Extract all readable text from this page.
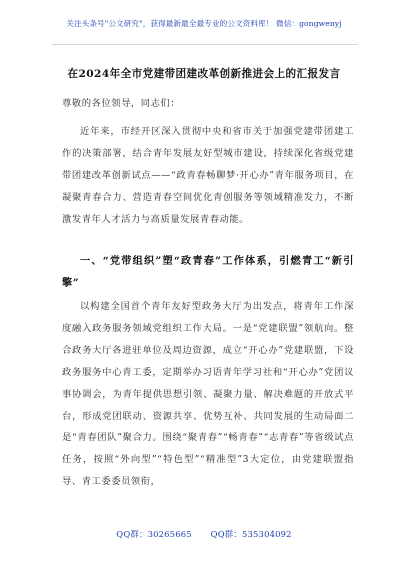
关注头条号"公文研究"，获得最新最全最专业的公文资料库！ 微信：gongwenyj
在2024年全市党建带团建改革创新推进会上的汇报发言
尊敬的各位领导，同志们：
近年来，市经开区深入贯彻中央和省市关于加强党建带团建工作的决策部署，结合青年发展友好型城市建设，持续深化省级党建带团建改革创新试点——“政青春畅聊梦·开心办”青年服务项目，在凝聚青春合力、营造青春空间优化青创服务等领域精准发力，不断激发青年人才活力与高质量发展青春动能。
一、“党带组织”塑“政青春”工作体系，引燃青工“新引擎”
以构建全国首个青年友好型政务大厅为出发点，将青年工作深度融入政务服务领域党组织工作大局。一是“党建联盟”领航向。整合政务大厅各进驻单位及周边资源，成立“开心办”党建联盟，下设政务服务中心青工委，定期举办习语青年学习社和“开心办”党团议事协调会，为青年提供思想引领、凝聚力量、解决难题的开放式平台，形成党团联动、资源共享、优势互补、共同发展的生动局面二是“青春团队”聚合力。围绕“聚青春”“畅青春”“志青春”等省级试点任务，按照“外向型”“特色型”“精准型”3大定位，由党建联盟指导、青工委委员领衔，
QQ群：30265665 QQ群：535304092
